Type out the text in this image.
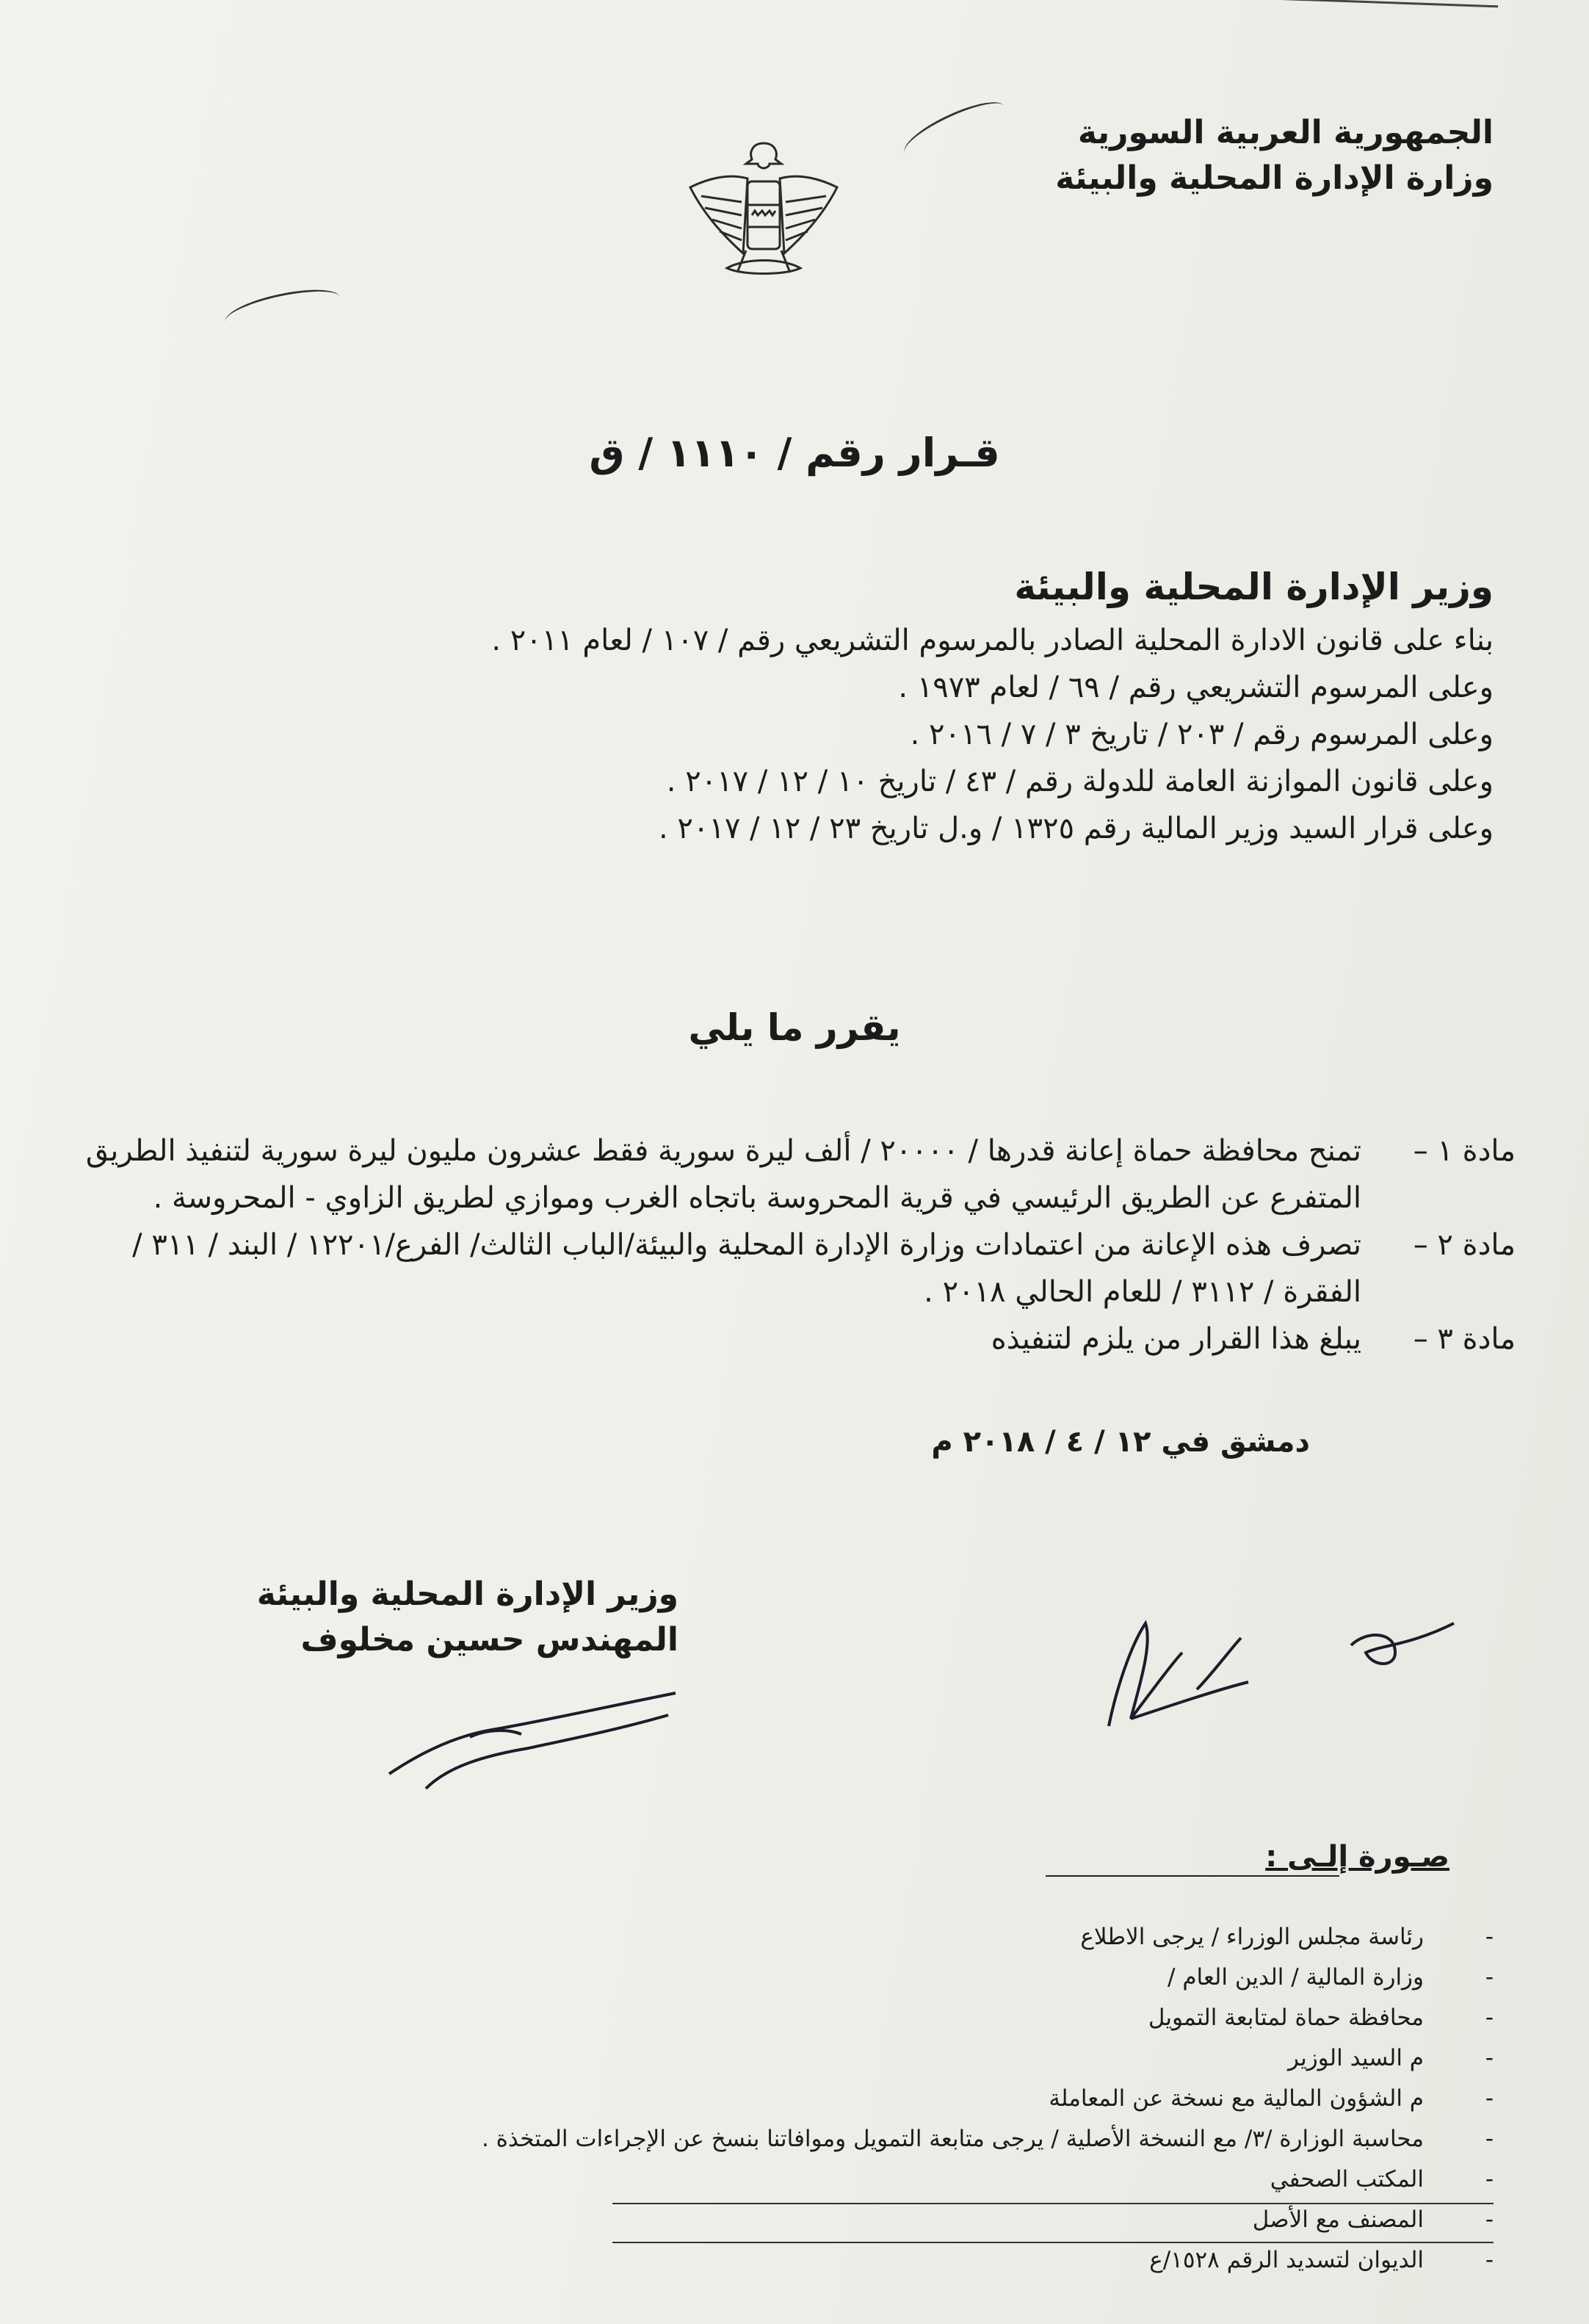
الجمهورية العربية السورية
وزارة الإدارة المحلية والبيئة
قـرار رقم / ١١١٠ / ق
وزير الإدارة المحلية والبيئة
بناء على قانون الادارة المحلية الصادر بالمرسوم التشريعي رقم / ١٠٧ / لعام ٢٠١١ .
وعلى المرسوم التشريعي رقم / ٦٩ / لعام ١٩٧٣ .
وعلى المرسوم رقم / ٢٠٣ / تاريخ ٣ / ٧ / ٢٠١٦ .
وعلى قانون الموازنة العامة للدولة رقم / ٤٣ / تاريخ ١٠ / ١٢ / ٢٠١٧ .
وعلى قرار السيد وزير المالية رقم ١٣٢٥ / و.ل تاريخ ٢٣ / ١٢ / ٢٠١٧ .
يقرر ما يلي
مادة ١ –
تمنح محافظة حماة إعانة قدرها / ٢٠٠٠٠ / ألف ليرة سورية فقط عشرون مليون ليرة سورية لتنفيذ الطريق المتفرع عن الطريق الرئيسي في قرية المحروسة باتجاه الغرب وموازي لطريق الزاوي - المحروسة .
مادة ٢ –
تصرف هذه الإعانة من اعتمادات وزارة الإدارة المحلية والبيئة/الباب الثالث/ الفرع/١٢٢٠١ / البند / ٣١١ / الفقرة / ٣١١٢ / للعام الحالي ٢٠١٨ .
مادة ٣ –
يبلغ هذا القرار من يلزم لتنفيذه
دمشق في ١٢ / ٤ / ٢٠١٨ م
وزير الإدارة المحلية والبيئة
المهندس حسين مخلوف
صـورة إلـى :
-
رئاسة مجلس الوزراء / يرجى الاطلاع
-
وزارة المالية / الدين العام /
-
محافظة حماة لمتابعة التمويل
-
م السيد الوزير
-
م الشؤون المالية مع نسخة عن المعاملة
-
محاسبة الوزارة /٣/ مع النسخة الأصلية / يرجى متابعة التمويل وموافاتنا بنسخ عن الإجراءات المتخذة .
-
المكتب الصحفي
-
المصنف مع الأصل
-
الديوان لتسديد الرقم ١٥٢٨/ع
